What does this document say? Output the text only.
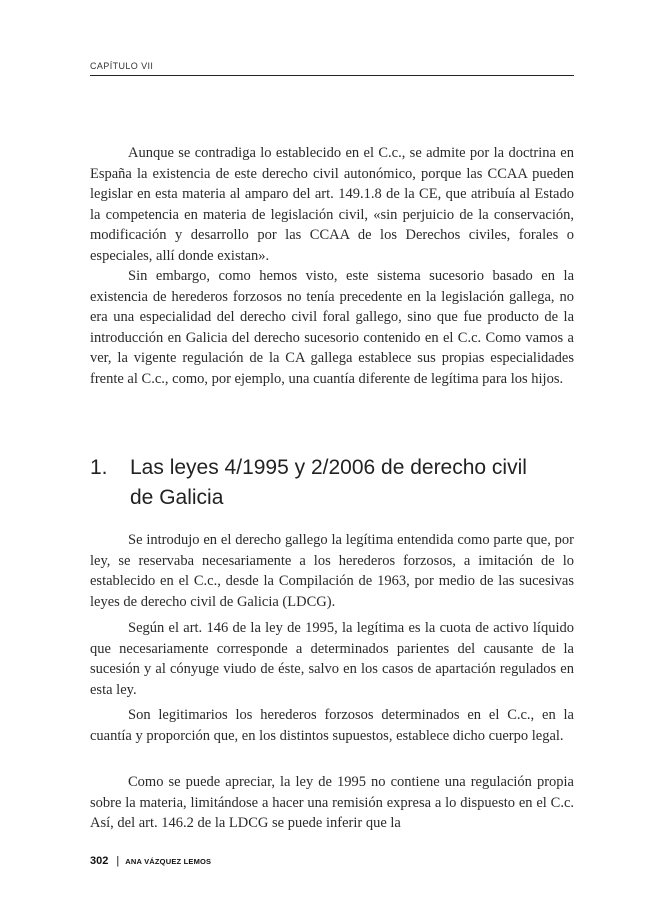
CAPÍTULO VII

Aunque se contradiga lo establecido en el C.c., se admite por la doctrina en España la existencia de este derecho civil autonómico, porque las CCAA pueden legislar en esta materia al amparo del art. 149.1.8 de la CE, que atribuía al Estado la competencia en materia de legislación civil, «sin perjuicio de la conservación, modificación y desarrollo por las CCAA de los Derechos civiles, forales o especiales, allí donde existan».

Sin embargo, como hemos visto, este sistema sucesorio basado en la existencia de herederos forzosos no tenía precedente en la legislación gallega, no era una especialidad del derecho civil foral gallego, sino que fue producto de la introducción en Galicia del derecho sucesorio contenido en el C.c. Como vamos a ver, la vigente regulación de la CA gallega establece sus propias especialidades frente al C.c., como, por ejemplo, una cuantía diferente de legítima para los hijos.

1. Las leyes 4/1995 y 2/2006 de derecho civil de Galicia

Se introdujo en el derecho gallego la legítima entendida como parte que, por ley, se reservaba necesariamente a los herederos forzosos, a imitación de lo establecido en el C.c., desde la Compilación de 1963, por medio de las sucesivas leyes de derecho civil de Galicia (LDCG).

Según el art. 146 de la ley de 1995, la legítima es la cuota de activo líquido que necesariamente corresponde a determinados parientes del causante de la sucesión y al cónyuge viudo de éste, salvo en los casos de apartación regulados en esta ley.

Son legitimarios los herederos forzosos determinados en el C.c., en la cuantía y proporción que, en los distintos supuestos, establece dicho cuerpo legal.

Como se puede apreciar, la ley de 1995 no contiene una regulación propia sobre la materia, limitándose a hacer una remisión expresa a lo dispuesto en el C.c. Así, del art. 146.2 de la LDCG se puede inferir que la

302 | ANA VÁZQUEZ LEMOS
